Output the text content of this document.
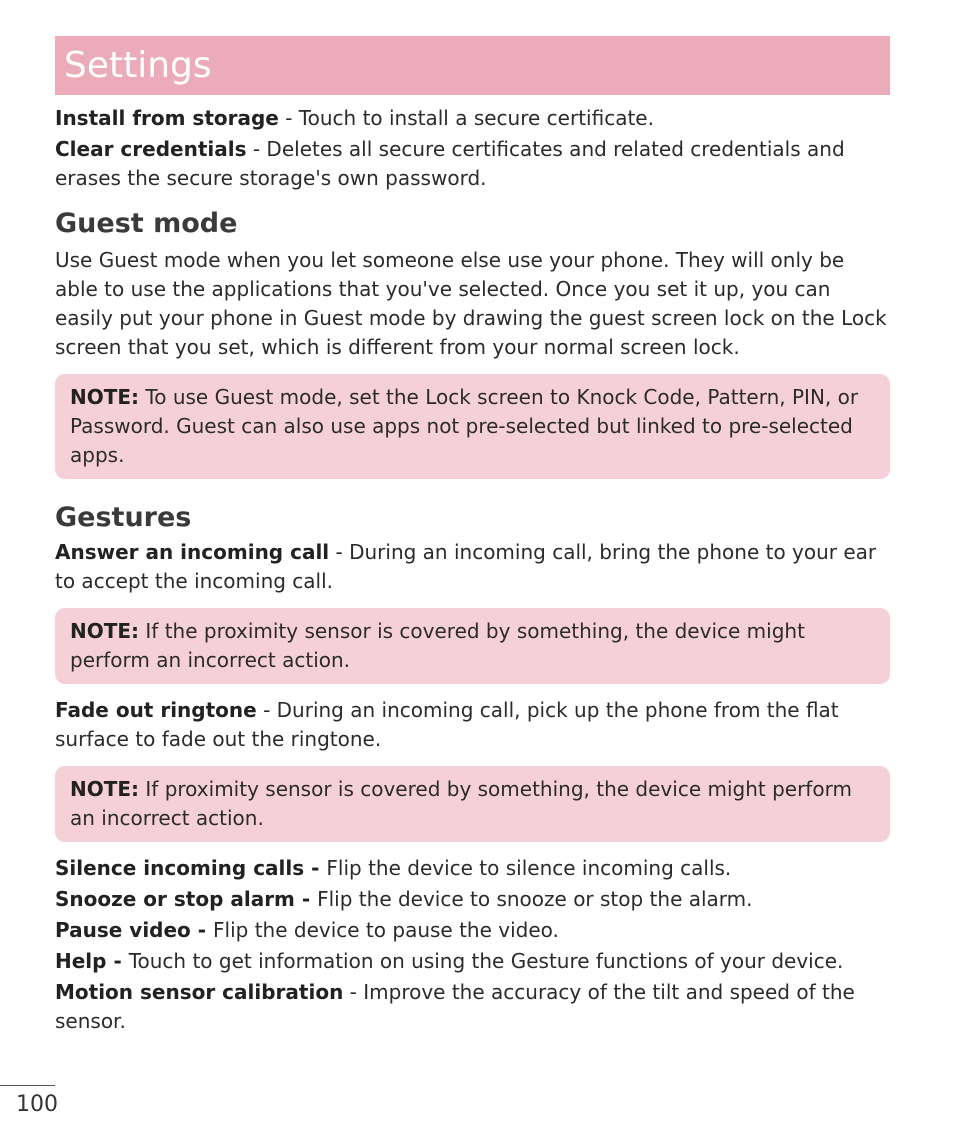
Settings

Install from storage - Touch to install a secure certificate.

Clear credentials - Deletes all secure certificates and related credentials and erases the secure storage's own password.

Guest mode

Use Guest mode when you let someone else use your phone. They will only be able to use the applications that you've selected. Once you set it up, you can easily put your phone in Guest mode by drawing the guest screen lock on the Lock screen that you set, which is different from your normal screen lock.

NOTE: To use Guest mode, set the Lock screen to Knock Code, Pattern, PIN, or Password. Guest can also use apps not pre-selected but linked to pre-selected apps.
Gestures

Answer an incoming call - During an incoming call, bring the phone to your ear to accept the incoming call.

NOTE: If the proximity sensor is covered by something, the device might perform an incorrect action.

Fade out ringtone - During an incoming call, pick up the phone from the flat surface to fade out the ringtone.

NOTE: If proximity sensor is covered by something, the device might perform an incorrect action.

Silence incoming calls - Flip the device to silence incoming calls.

Snooze or stop alarm - Flip the device to snooze or stop the alarm.

Pause video - Flip the device to pause the video.

Help - Touch to get information on using the Gesture functions of your device.

Motion sensor calibration - Improve the accuracy of the tilt and speed of the sensor.

100
